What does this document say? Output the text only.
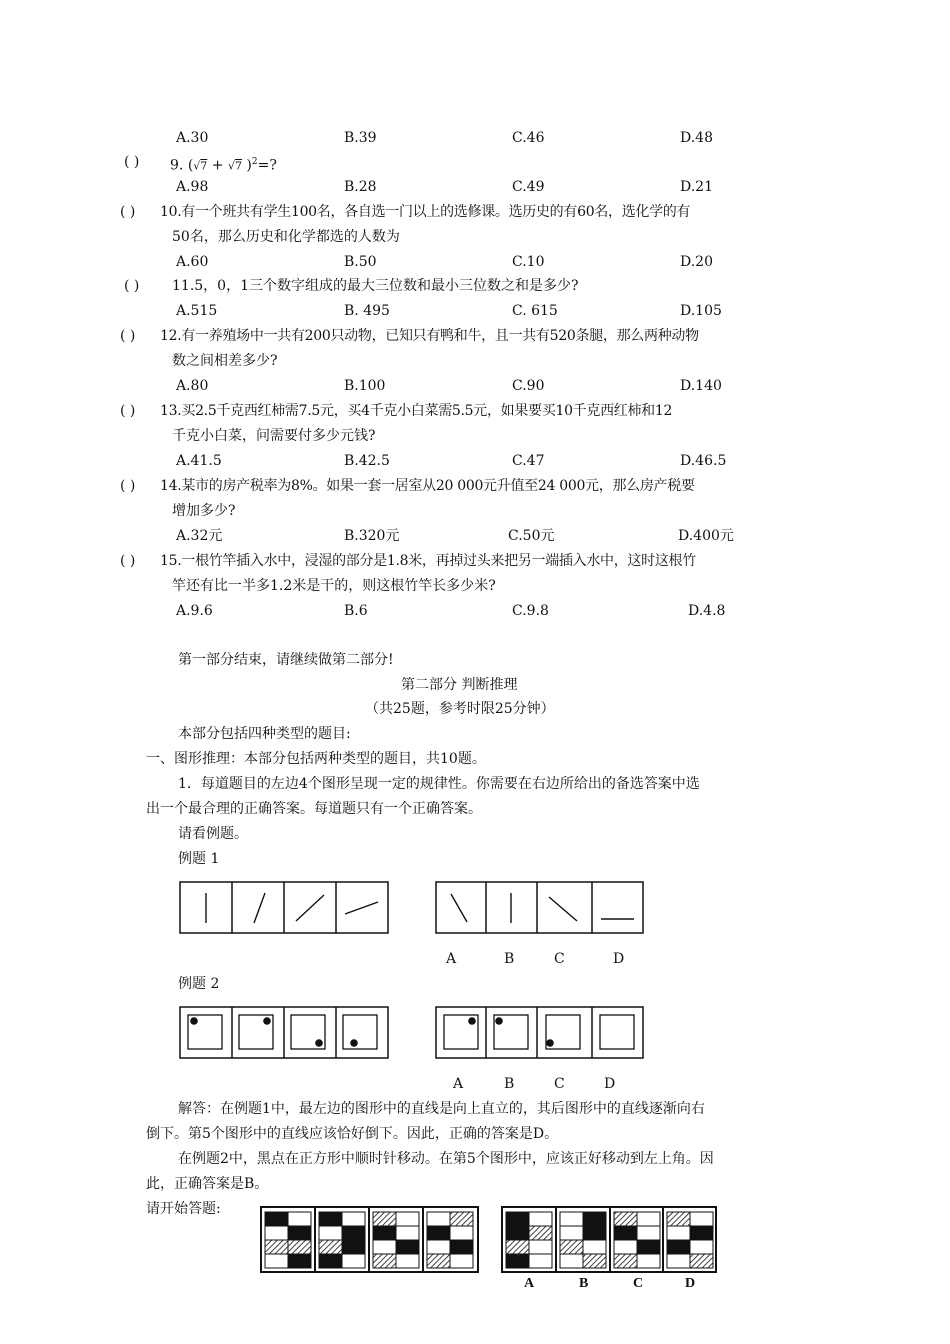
A.30	B.39	C.46	D.48
( ) 9. (√7 + √7 )$^2$=?
A.98	B.28	C.49	D.21
( ) 10.有一个班共有学生100名，各自选一门以上的选修课。选历史的有60名，选化学的有
50名，那么历史和化学都选的人数为
A.60	B.50	C.10	D.20
( ) 11.5，0，1三个数字组成的最大三位数和最小三位数之和是多少?
A.515	B. 495	C. 615	D.105
( ) 12.有一养殖场中一共有200只动物，已知只有鸭和牛，且一共有520条腿，那么两种动物
数之间相差多少?
A.80	B.100	C.90	D.140
( ) 13.买2.5千克西红柿需7.5元，买4千克小白菜需5.5元，如果要买10千克西红柿和12
千克小白菜，问需要付多少元钱?
A.41.5	B.42.5	C.47	D.46.5
( ) 14.某市的房产税率为8%。如果一套一居室从20 000元升值至24 000元，那么房产税要
增加多少?
A.32元	B.320元	C.50元	D.400元
( ) 15.一根竹竿插入水中，浸湿的部分是1.8米，再掉过头来把另一端插入水中，这时这根竹
竿还有比一半多1.2米是干的，则这根竹竿长多少米?
A.9.6	B.6	C.9.8	D.4.8
第一部分结束，请继续做第二部分!
第二部分 判断推理
（共25题，参考时限25分钟）
本部分包括四种类型的题目:
一、图形推理：本部分包括两种类型的题目，共10题。
1．每道题目的左边4个图形呈现一定的规律性。你需要在右边所给出的备选答案中选
出一个最合理的正确答案。每道题只有一个正确答案。
请看例题。
例题 1
A	B	C	D
例题 2
A	B	C	D
解答：在例题1中，最左边的图形中的直线是向上直立的，其后图形中的直线逐渐向右
倒下。第5个图形中的直线应该恰好倒下。因此，正确的答案是D。
在例题2中，黑点在正方形中顺时针移动。在第5个图形中，应该正好移动到左上角。因
此，正确答案是B。
请开始答题:
A	B	C	D
